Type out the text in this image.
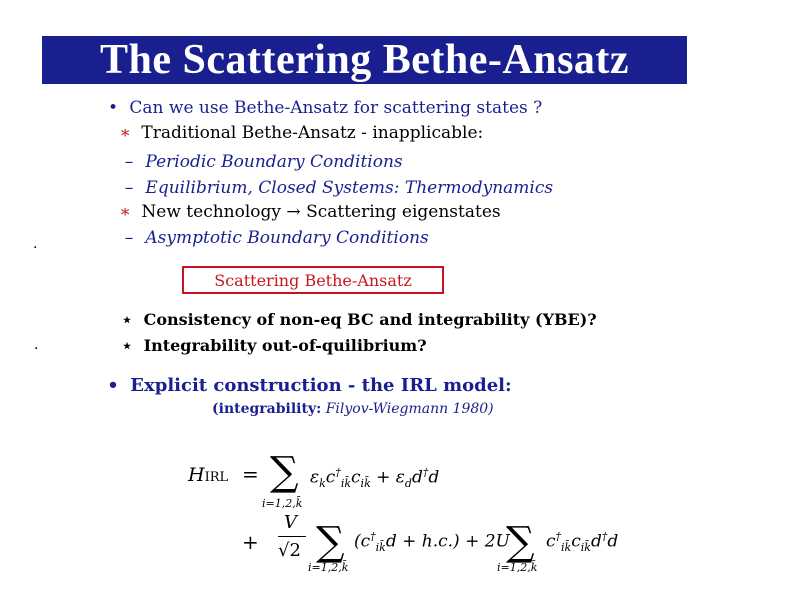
The Scattering Bethe-Ansatz
• Can we use Bethe-Ansatz for scattering states ?
∗ Traditional Bethe-Ansatz - inapplicable:
– Periodic Boundary Conditions
– Equilibrium, Closed Systems: Thermodynamics
∗ New technology → Scattering eigenstates
– Asymptotic Boundary Conditions
.
Scattering Bethe-Ansatz
⋆ Consistency of non-eq BC and integrability (YBE)?
⋆ Integrability out-of-quilibrium?
.
• Explicit construction - the IRL model:
(integrability: Filyov-Wiegmann 1980)
HIRL = ∑
i=1,2,k̄
$\varepsilon_kc^\dagger_{ik̄}c_{ik̄} + \varepsilon_dd^\dagger d$
+
V
√2 ∑
i=1,2,k̄
$(c^\dagger_{ik̄}d + h.c.) + 2U$
∑
i=1,2,k̄
$c^\dagger_{ik̄}c_{ik̄}d^\dagger d$
